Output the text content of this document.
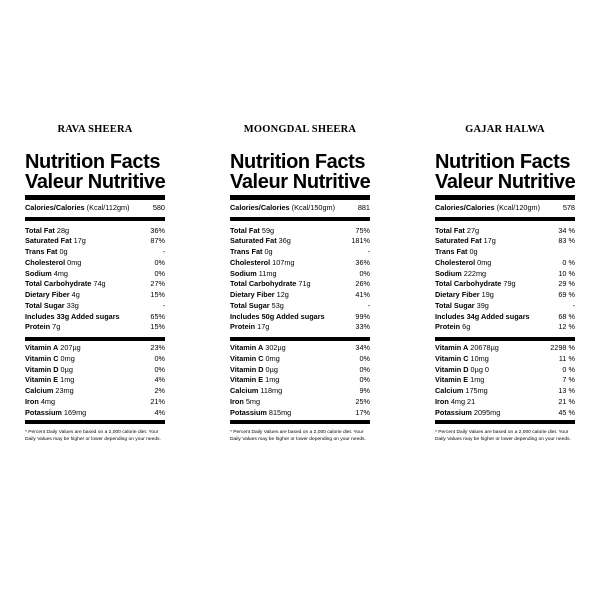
RAVA SHEERA
Nutrition Facts
Valeur Nutritive
Calories/Calories (Kcal/112gm)	580
Total Fat 28g	36%
Saturated Fat 17g	87%
Trans Fat 0g	-
Cholesterol 0mg	0%
Sodium 4mg	0%
Total Carbohydrate 74g	27%
Dietary Fiber 4g	15%
Total Sugar 33g	-
Includes 33g Added sugars	65%
Protein 7g	15%
Vitamin A 207µg	23%
Vitamin C 0mg	0%
Vitamin D 0µg	0%
Vitamin E 1mg	4%
Calcium 23mg	2%
Iron 4mg	21%
Potassium 169mg	4%
* Percent Daily Values are based on a 2,000 calorie diet. Your Daily Values may be higher or lower depending on your needs.
MOONGDAL SHEERA
Nutrition Facts
Valeur Nutritive
Calories/Calories (Kcal/150gm)	881
Total Fat 59g	75%
Saturated Fat 36g	181%
Trans Fat 0g	-
Cholesterol 107mg	36%
Sodium 11mg	0%
Total Carbohydrate 71g	26%
Dietary Fiber 12g	41%
Total Sugar 53g	-
Includes 50g Added sugars	99%
Protein 17g	33%
Vitamin A 302µg	34%
Vitamin C 0mg	0%
Vitamin D 0µg	0%
Vitamin E 1mg	0%
Calcium 118mg	9%
Iron 5mg	25%
Potassium 815mg	17%
* Percent Daily Values are based on a 2,000 calorie diet. Your Daily Values may be higher or lower depending on your needs.
GAJAR HALWA
Nutrition Facts
Valeur Nutritive
Calories/Calories (Kcal/120gm)	578
Total Fat 27g	34 %
Saturated Fat 17g	83 %
Trans Fat 0g
Cholesterol 0mg	0 %
Sodium 222mg	10 %
Total Carbohydrate 79g	29 %
Dietary Fiber 19g	69 %
Total Sugar 39g	-
Includes 34g Added sugars	68 %
Protein 6g	12 %
Vitamin A 20678µg	2298 %
Vitamin C 10mg	11 %
Vitamin D 0µg 0	0 %
Vitamin E 1mg	7 %
Calcium 175mg	13 %
Iron 4mg 21	21 %
Potassium 2095mg	45 %
* Percent Daily Values are based on a 2,000 calorie diet. Your Daily Values may be higher or lower depending on your needs.
